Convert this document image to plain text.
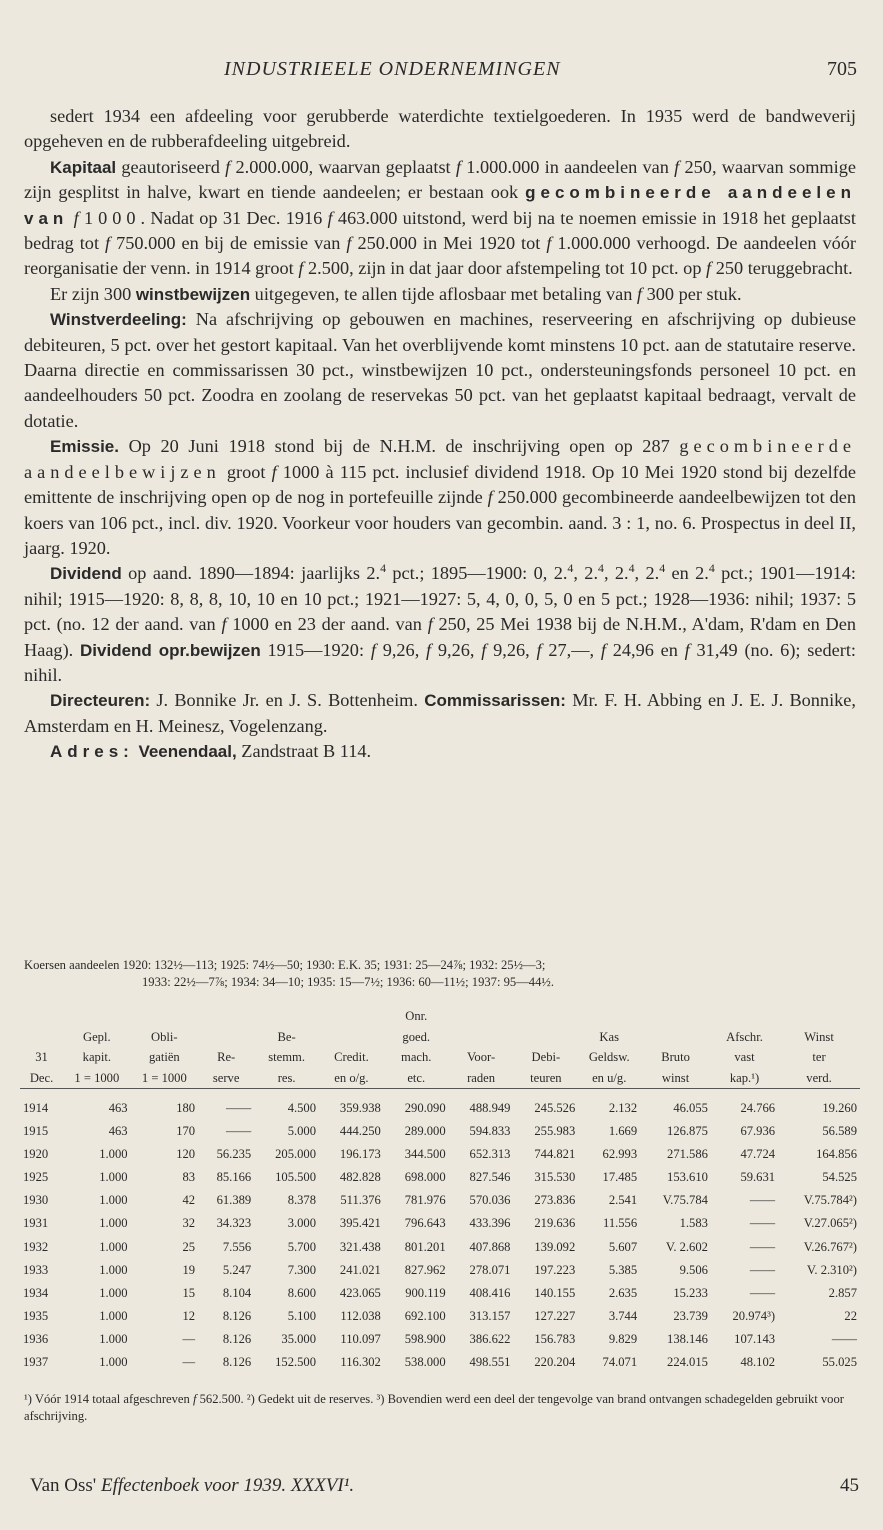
INDUSTRIEELE ONDERNEMINGEN	705

sedert 1934 een afdeeling voor gerubberde waterdichte textielgoederen. In 1935 werd de bandweverij opgeheven en de rubberafdeeling uitgebreid.

Kapitaal geautoriseerd f 2.000.000, waarvan geplaatst f 1.000.000 in aandeelen van f 250, waarvan sommige zijn gesplitst in halve, kwart en tiende aandeelen; er bestaan ook gecombineerde aandeelen van f 1000. Nadat op 31 Dec. 1916 f 463.000 uitstond, werd bij na te noemen emissie in 1918 het geplaatst bedrag tot f 750.000 en bij de emissie van f 250.000 in Mei 1920 tot f 1.000.000 verhoogd. De aandeelen vóór reorganisatie der venn. in 1914 groot f 2.500, zijn in dat jaar door afstempeling tot 10 pct. op f 250 teruggebracht.

Er zijn 300 winstbewijzen uitgegeven, te allen tijde aflosbaar met betaling van f 300 per stuk.

Winstverdeeling: Na afschrijving op gebouwen en machines, reserveering en afschrijving op dubieuse debiteuren, 5 pct. over het gestort kapitaal. Van het overblijvende komt minstens 10 pct. aan de statutaire reserve. Daarna directie en commissarissen 30 pct., winstbewijzen 10 pct., ondersteuningsfonds personeel 10 pct. en aandeelhouders 50 pct. Zoodra en zoolang de reservekas 50 pct. van het geplaatst kapitaal bedraagt, vervalt de dotatie.

Emissie. Op 20 Juni 1918 stond bij de N.H.M. de inschrijving open op 287 gecombineerde aandeelbewijzen groot f 1000 à 115 pct. inclusief dividend 1918. Op 10 Mei 1920 stond bij dezelfde emittente de inschrijving open op de nog in portefeuille zijnde f 250.000 gecombineerde aandeelbewijzen tot den koers van 106 pct., incl. div. 1920. Voorkeur voor houders van gecombin. aand. 3 : 1, no. 6. Prospectus in deel II, jaarg. 1920.

Dividend op aand. 1890—1894: jaarlijks 2.$^4$ pct.; 1895—1900: 0, 2.$^4$, 2.$^4$, 2.$^4$, 2.$^4$ en 2.$^4$ pct.; 1901—1914: nihil; 1915—1920: 8, 8, 8, 10, 10 en 10 pct.; 1921—1927: 5, 4, 0, 0, 5, 0 en 5 pct.; 1928—1936: nihil; 1937: 5 pct. (no. 12 der aand. van f 1000 en 23 der aand. van f 250, 25 Mei 1938 bij de N.H.M., A'dam, R'dam en Den Haag). Dividend opr.bewijzen 1915—1920: f 9,26, f 9,26, f 9,26, f 27,—, f 24,96 en f 31,49 (no. 6); sedert: nihil.

Directeuren: J. Bonnike Jr. en J. S. Bottenheim. Commissarissen: Mr. F. H. Abbing en J. E. J. Bonnike, Amsterdam en H. Meinesz, Vogelenzang.

Adres: Veenendaal, Zandstraat B 114.

Koersen aandeelen 1920: 132½—113; 1925: 74½—50; 1930: E.K. 35; 1931: 25—24⅞; 1932: 25½—3;
1933: 22½—7⅞; 1934: 34—10; 1935: 15—7½; 1936: 60—11½; 1937: 95—44½.
						Onr.						
	Gepl.	Obli-		Be-		goed.			Kas		Afschr.	Winst
31	kapit.	gatiën	Re-	stemm.	Credit.	mach.	Voor-	Debi-	Geldsw.	Bruto	vast	ter
Dec.	1 = 1000	1 = 1000	serve	res.	en o/g.	etc.	raden	teuren	en u/g.	winst	kap.¹)	verd.
1914	463	180	——	4.500	359.938	290.090	488.949	245.526	2.132	46.055	24.766	19.260
1915	463	170	——	5.000	444.250	289.000	594.833	255.983	1.669	126.875	67.936	56.589
1920	1.000	120	56.235	205.000	196.173	344.500	652.313	744.821	62.993	271.586	47.724	164.856
1925	1.000	83	85.166	105.500	482.828	698.000	827.546	315.530	17.485	153.610	59.631	54.525
1930	1.000	42	61.389	8.378	511.376	781.976	570.036	273.836	2.541	V.75.784	——	V.75.784²)
1931	1.000	32	34.323	3.000	395.421	796.643	433.396	219.636	11.556	1.583	——	V.27.065²)
1932	1.000	25	7.556	5.700	321.438	801.201	407.868	139.092	5.607	V. 2.602	——	V.26.767²)
1933	1.000	19	5.247	7.300	241.021	827.962	278.071	197.223	5.385	9.506	——	V. 2.310²)
1934	1.000	15	8.104	8.600	423.065	900.119	408.416	140.155	2.635	15.233	——	2.857
1935	1.000	12	8.126	5.100	112.038	692.100	313.157	127.227	3.744	23.739	20.974³)	22
1936	1.000	—	8.126	35.000	110.097	598.900	386.622	156.783	9.829	138.146	107.143	——
1937	1.000	—	8.126	152.500	116.302	538.000	498.551	220.204	74.071	224.015	48.102	55.025
¹) Vóór 1914 totaal afgeschreven f 562.500. ²) Gedekt uit de reserves. ³) Bovendien werd een deel der tengevolge van brand ontvangen schadegelden gebruikt voor afschrijving.
Van Oss' Effectenboek voor 1939. XXXVI¹.	45
